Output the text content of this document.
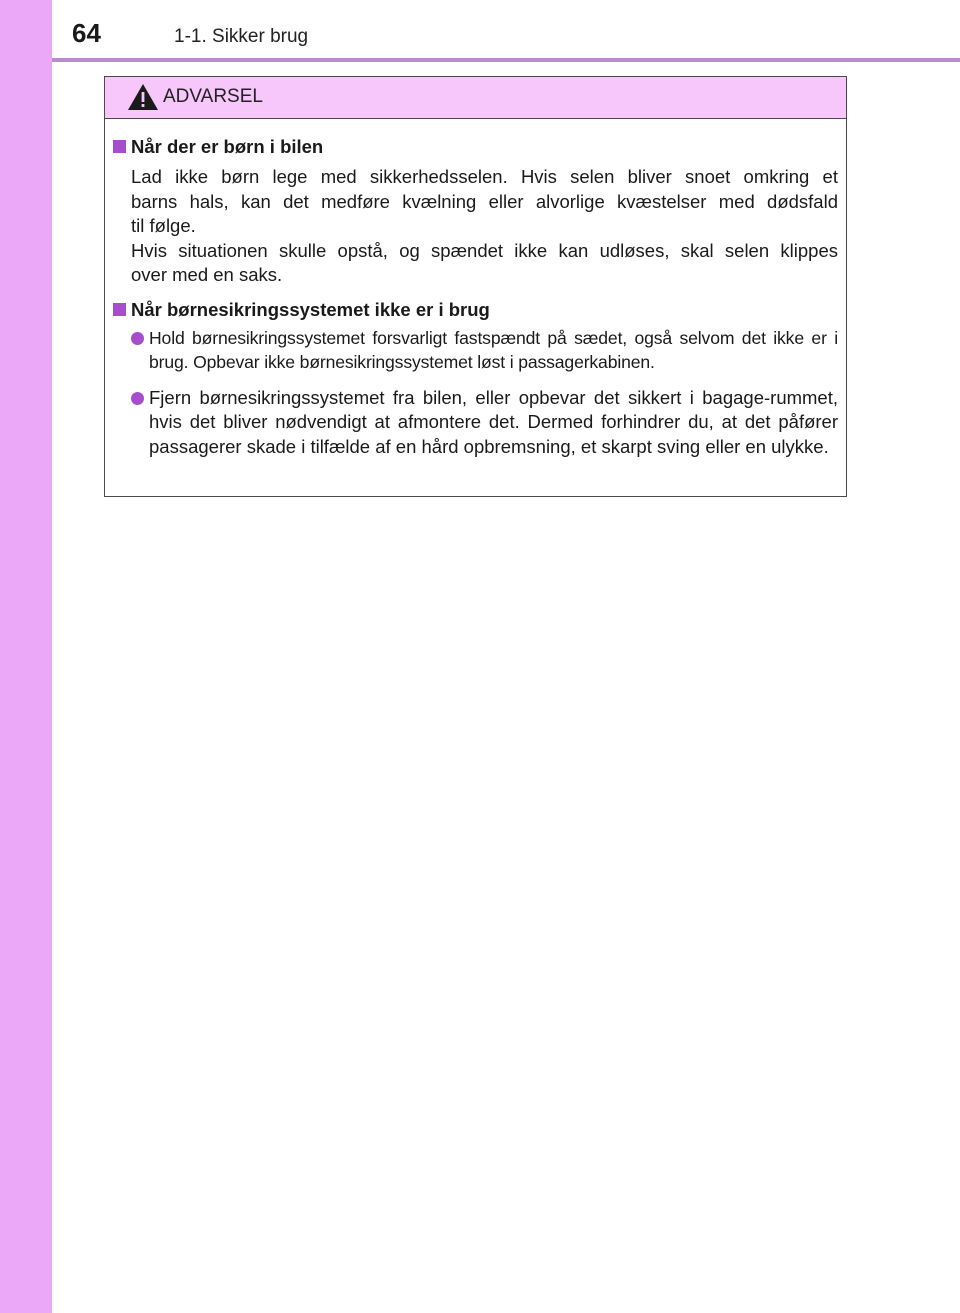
64	1-1. Sikker brug
ADVARSEL
Når der er børn i bilen
Lad ikke børn lege med sikkerhedsselen. Hvis selen bliver snoet omkring et
barns hals, kan det medføre kvælning eller alvorlige kvæstelser med dødsfald
til følge.
Hvis situationen skulle opstå, og spændet ikke kan udløses, skal selen klippes
over med en saks.
Når børnesikringssystemet ikke er i brug
Hold børnesikringssystemet forsvarligt fastspændt på sædet, også selvom det ikke er i brug. Opbevar ikke børnesikringssystemet løst i passagerkabinen.
Fjern børnesikringssystemet fra bilen, eller opbevar det sikkert i bagage-rummet, hvis det bliver nødvendigt at afmontere det. Dermed forhindrer du, at det påfører passagerer skade i tilfælde af en hård opbremsning, et skarpt sving eller en ulykke.
